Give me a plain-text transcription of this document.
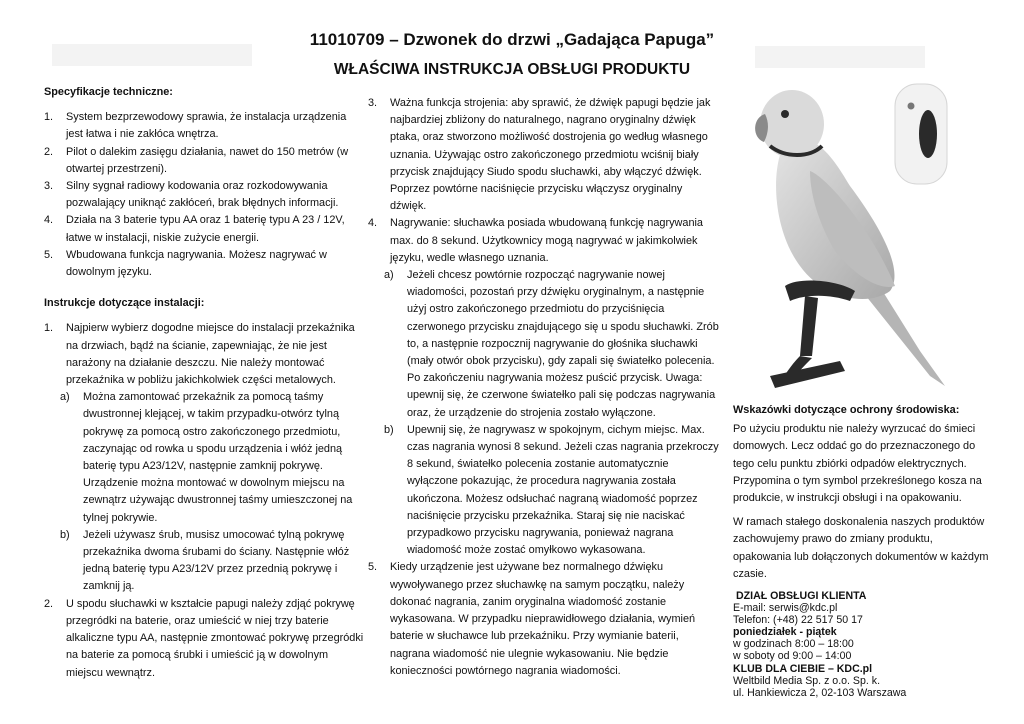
11010709 – Dzwonek do drzwi „Gadająca Papuga”
WŁAŚCIWA INSTRUKCJA OBSŁUGI PRODUKTU
Specyfikacje techniczne:
1. System bezprzewodowy sprawia, że instalacja urządzenia jest łatwa i nie zakłóca wnętrza.
2. Pilot o dalekim zasięgu działania, nawet do 150 metrów (w otwartej przestrzeni).
3. Silny sygnał radiowy kodowania oraz rozkodowywania pozwalający uniknąć zakłóceń, brak błędnych informacji.
4. Działa na 3 baterie typu AA oraz 1 baterię typu A 23 / 12V, łatwe w instalacji, niskie zużycie energii.
5. Wbudowana funkcja nagrywania. Możesz nagrywać w dowolnym języku.
Instrukcje dotyczące instalacji:
1. Najpierw wybierz dogodne miejsce do instalacji przekaźnika na drzwiach, bądź na ścianie, zapewniając, że nie jest narażony na działanie deszczu. Nie należy montować przekaźnika w pobliżu jakichkolwiek części metalowych.
a) Można zamontować przekaźnik za pomocą taśmy dwustronnej klejącej, w takim przypadku-otwórz tylną pokrywę za pomocą ostro zakończonego przedmiotu, zaczynając od rowka u spodu urządzenia i włóż jedną baterię typu A23/12V, następnie zamknij pokrywę. Urządzenie można montować w dowolnym miejscu na zewnątrz używając dwustronnej taśmy umieszczonej na tylnej pokrywie.
b) Jeżeli używasz śrub, musisz umocować tylną pokrywę przekaźnika dwoma śrubami do ściany. Następnie włóż jedną baterię typu A23/12V przez przednią pokrywę i zamknij ją.
2. U spodu słuchawki w kształcie papugi należy zdjąć pokrywę przegródki na baterie, oraz umieścić w niej trzy baterie alkaliczne typu AA, następnie zmontować pokrywę przegródki na baterie za pomocą śrubki i umieścić ją w dowolnym miejscu wewnątrz.
3. Ważna funkcja strojenia: aby sprawić, że dźwięk papugi będzie jak najbardziej zbliżony do naturalnego, nagrano oryginalny dźwięk ptaka, oraz stworzono możliwość dostrojenia go według własnego uznania. Używając ostro zakończonego przedmiotu wciśnij biały przycisk znajdujący Siudo spodu słuchawki, aby włączyć dźwięk. Poprzez powtórne naciśnięcie przycisku włączysz oryginalny dźwięk.
4. Nagrywanie: słuchawka posiada wbudowaną funkcję nagrywania max. do 8 sekund. Użytkownicy mogą nagrywać w jakimkolwiek języku, wedle własnego uznania.
a) Jeżeli chcesz powtórnie rozpocząć nagrywanie nowej wiadomości, pozostań przy dźwięku oryginalnym, a następnie użyj ostro zakończonego przedmiotu do przyciśnięcia czerwonego przycisku znajdującego się u spodu słuchawki. Zrób to, a następnie rozpocznij nagrywanie do głośnika słuchawki (mały otwór obok przycisku), gdy zapali się światełko polecenia. Po zakończeniu nagrywania możesz puścić przycisk. Uwaga: upewnij się, że czerwone światełko pali się podczas nagrywania oraz, że urządzenie do strojenia zostało wyłączone.
b) Upewnij się, że nagrywasz w spokojnym, cichym miejsc. Max. czas nagrania wynosi 8 sekund. Jeżeli czas nagrania przekroczy 8 sekund, światełko polecenia zostanie automatycznie wyłączone pokazując, że procedura nagrywania została ukończona. Możesz odsłuchać nagraną wiadomość poprzez naciśnięcie przycisku przekaźnika. Staraj się nie naciskać przypadkowo przycisku nagrywania, ponieważ nagrana wiadomość może zostać omyłkowo wykasowana.
5. Kiedy urządzenie jest używane bez normalnego dźwięku wywoływanego przez słuchawkę na samym początku, należy dokonać nagrania, zanim oryginalna wiadomość zostanie wykasowana. W przypadku nieprawidłowego działania, wymień baterie w słuchawce lub przekaźniku. Przy wymianie baterii, nagrana wiadomość nie ulegnie wykasowaniu. Nie będzie konieczności powtórnego nagrania wiadomości.
Wskazówki dotyczące ochrony środowiska:
Po użyciu produktu nie należy wyrzucać do śmieci domowych. Lecz oddać go do przeznaczonego do tego celu punktu zbiórki odpadów elektrycznych. Przypomina o tym symbol przekreślonego kosza na produkcie, w instrukcji obsługi i na opakowaniu.
W ramach stałego doskonalenia naszych produktów zachowujemy prawo do zmiany produktu, opakowania lub dołączonych dokumentów w każdym czasie.
DZIAŁ OBSŁUGI KLIENTA
E-mail: serwis@kdc.pl
Telefon: (+48) 22 517 50 17
poniedziałek - piątek
w godzinach 8:00 – 18:00
w soboty od 9:00 – 14:00
KLUB DLA CIEBIE – KDC.pl
Weltbild Media Sp. z o.o. Sp. k.
ul. Hankiewicza 2, 02-103 Warszawa
